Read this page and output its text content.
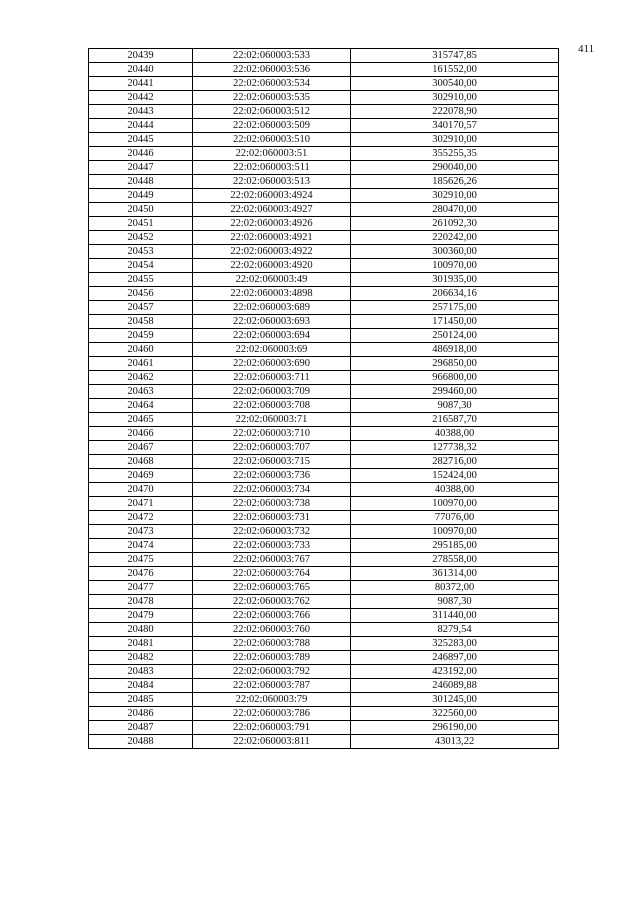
411
20439	22:02:060003:533	315747,85
20440	22:02:060003:536	161552,00
20441	22:02:060003:534	300540,00
20442	22:02:060003:535	302910,00
20443	22:02:060003:512	222078,90
20444	22:02:060003:509	340170,57
20445	22:02:060003:510	302910,00
20446	22:02:060003:51	355255,35
20447	22:02:060003:511	290040,00
20448	22:02:060003:513	185626,26
20449	22:02:060003:4924	302910,00
20450	22:02:060003:4927	280470,00
20451	22:02:060003:4926	261092,30
20452	22:02:060003:4921	220242,00
20453	22:02:060003:4922	300360,00
20454	22:02:060003:4920	100970,00
20455	22:02:060003:49	301935,00
20456	22:02:060003:4898	206634,16
20457	22:02:060003:689	257175,00
20458	22:02:060003:693	171450,00
20459	22:02:060003:694	250124,00
20460	22:02:060003:69	486918,00
20461	22:02:060003:690	296850,00
20462	22:02:060003:711	966800,00
20463	22:02:060003:709	299460,00
20464	22:02:060003:708	9087,30
20465	22:02:060003:71	216587,70
20466	22:02:060003:710	40388,00
20467	22:02:060003:707	127738,32
20468	22:02:060003:715	282716,00
20469	22:02:060003:736	152424,00
20470	22:02:060003:734	40388,00
20471	22:02:060003:738	100970,00
20472	22:02:060003:731	77076,00
20473	22:02:060003:732	100970,00
20474	22:02:060003:733	295185,00
20475	22:02:060003:767	278558,00
20476	22:02:060003:764	361314,00
20477	22:02:060003:765	80372,00
20478	22:02:060003:762	9087,30
20479	22:02:060003:766	311440,00
20480	22:02:060003:760	8279,54
20481	22:02:060003:788	325283,00
20482	22:02:060003:789	246897,00
20483	22:02:060003:792	423192,00
20484	22:02:060003:787	246089,88
20485	22:02:060003:79	301245,00
20486	22:02:060003:786	322560,00
20487	22:02:060003:791	296190,00
20488	22:02:060003:811	43013,22
